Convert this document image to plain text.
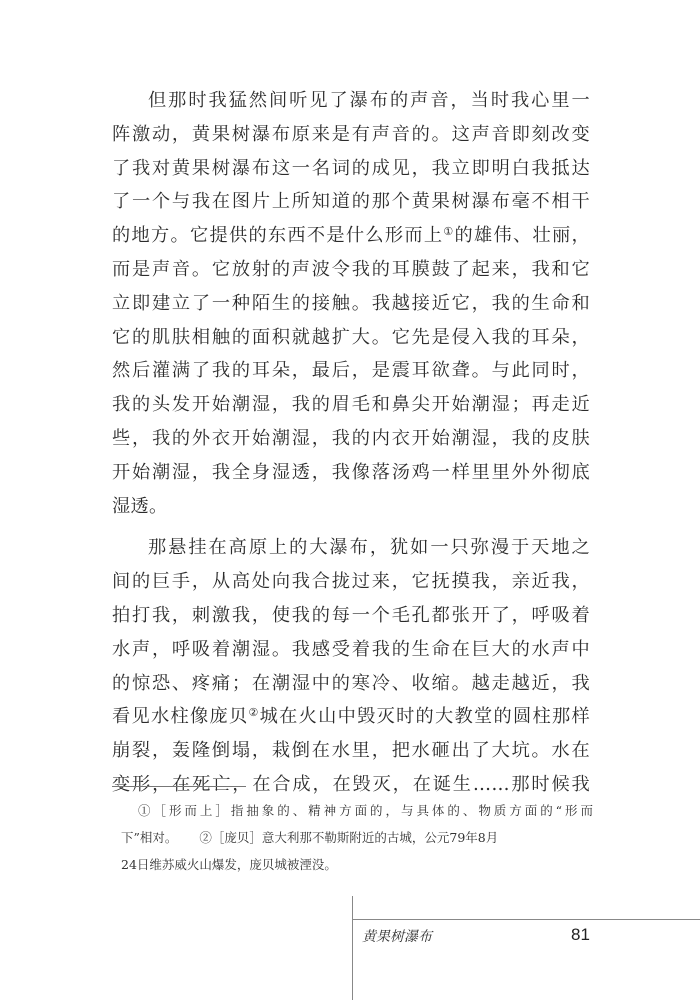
但那时我猛然间听见了瀑布的声音，当时我心里一
阵激动，黄果树瀑布原来是有声音的。这声音即刻改变
了我对黄果树瀑布这一名词的成见，我立即明白我抵达
了一个与我在图片上所知道的那个黄果树瀑布毫不相干
的地方。它提供的东西不是什么形而上①的雄伟、壮丽，
而是声音。它放射的声波令我的耳膜鼓了起来，我和它
立即建立了一种陌生的接触。我越接近它，我的生命和
它的肌肤相触的面积就越扩大。它先是侵入我的耳朵，
然后灌满了我的耳朵，最后，是震耳欲聋。与此同时，
我的头发开始潮湿，我的眉毛和鼻尖开始潮湿；再走近
些，我的外衣开始潮湿，我的内衣开始潮湿，我的皮肤
开始潮湿，我全身湿透，我像落汤鸡一样里里外外彻底
湿透。
那悬挂在高原上的大瀑布，犹如一只弥漫于天地之
间的巨手，从高处向我合拢过来，它抚摸我，亲近我，
拍打我，刺激我，使我的每一个毛孔都张开了，呼吸着
水声，呼吸着潮湿。我感受着我的生命在巨大的水声中
的惊恐、疼痛；在潮湿中的寒冷、收缩。越走越近，我
看见水柱像庞贝②城在火山中毁灭时的大教堂的圆柱那样
崩裂，轰隆倒塌，栽倒在水里，把水砸出了大坑。水在
变形，在死亡，在合成，在毁灭，在诞生……那时候我
①［形而上］指抽象的、精神方面的，与具体的、物质方面的“形而
下”相对。 ②［庞贝］意大利那不勒斯附近的古城，公元79年8月
24日维苏威火山爆发，庞贝城被湮没。
黄果树瀑布	81
